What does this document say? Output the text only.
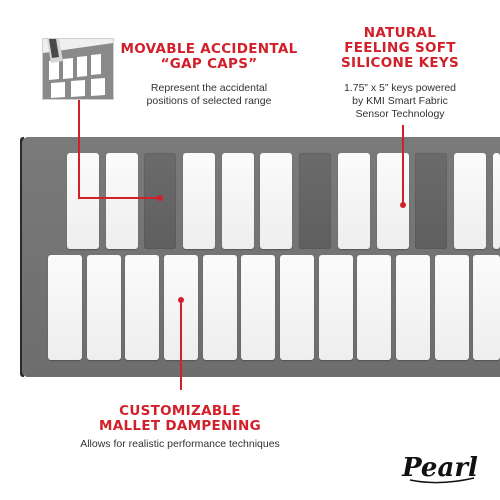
MOVABLE ACCIDENTAL
“GAP CAPS”

Represent the accidental
positions of selected range

NATURAL
FEELING SOFT
SILICONE KEYS

1.75” x 5” keys powered
by KMI Smart Fabric
Sensor Technology

CUSTOMIZABLE
MALLET DAMPENING

Allows for realistic performance techniques

Pearl
